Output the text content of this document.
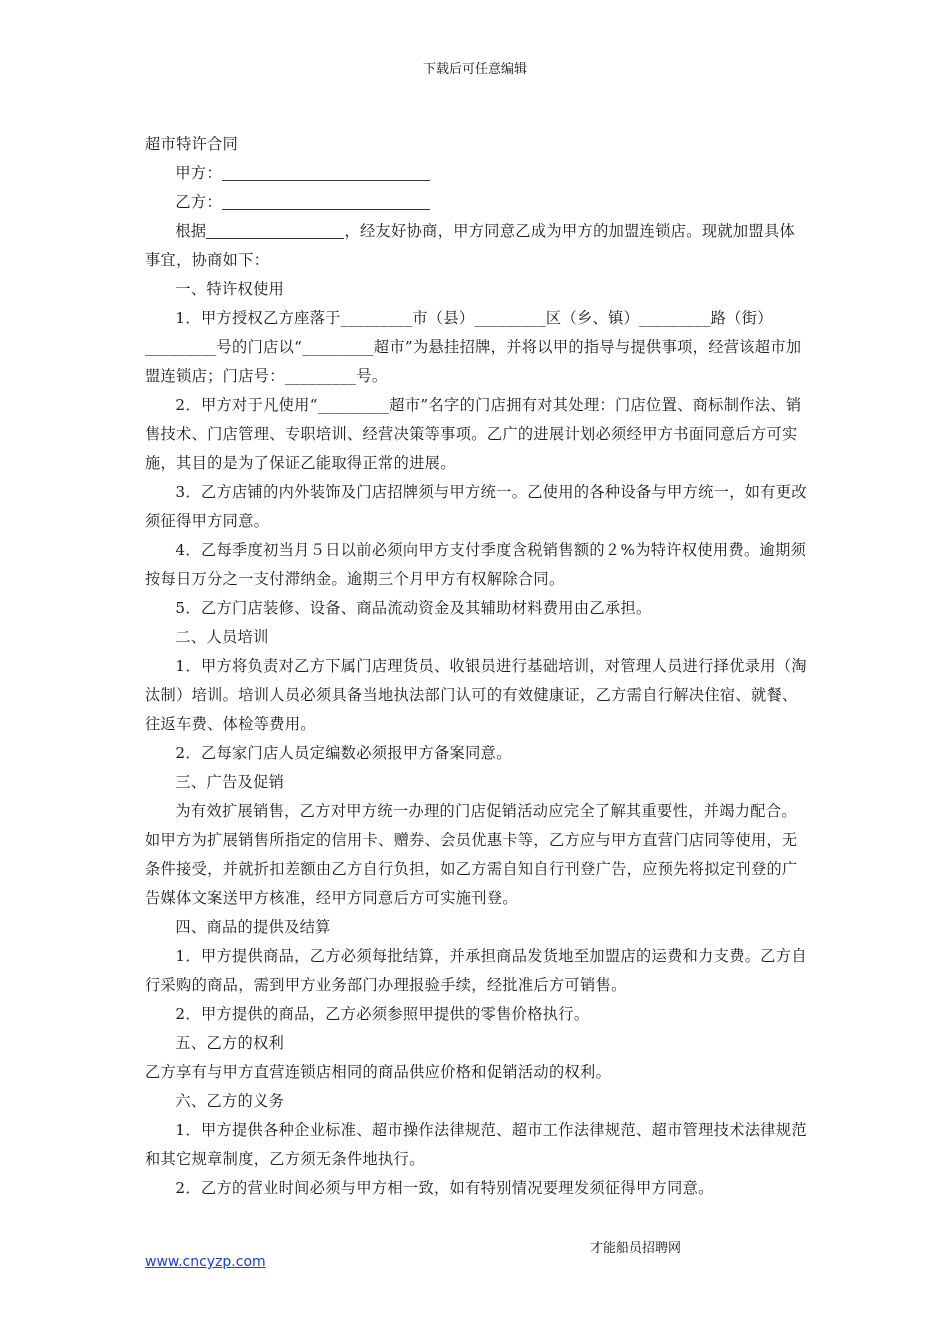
下载后可任意编辑

超市特许合同

甲方：

乙方：

根据	，经友好协商，甲方同意乙成为甲方的加盟连锁店。现就加盟具体事宜，协商如下：

一、特许权使用

1．甲方授权乙方座落于_________市（县）_________区（乡、镇）_________路（街）_________号的门店以“_________超市”为悬挂招牌，并将以甲的指导与提供事项，经营该超市加盟连锁店；门店号：_________号。

2．甲方对于凡使用“_________超市”名字的门店拥有对其处理：门店位置、商标制作法、销售技术、门店管理、专职培训、经营决策等事项。乙广的进展计划必须经甲方书面同意后方可实施，其目的是为了保证乙能取得正常的进展。

3．乙方店铺的内外装饰及门店招牌须与甲方统一。乙使用的各种设备与甲方统一，如有更改须征得甲方同意。

4．乙每季度初当月５日以前必须向甲方支付季度含税销售额的２%为特许权使用费。逾期须按每日万分之一支付滞纳金。逾期三个月甲方有权解除合同。

5．乙方门店装修、设备、商品流动资金及其辅助材料费用由乙承担。

二、人员培训

1．甲方将负责对乙方下属门店理货员、收银员进行基础培训，对管理人员进行择优录用（淘汰制）培训。培训人员必须具备当地执法部门认可的有效健康证，乙方需自行解决住宿、就餐、往返车费、体检等费用。

2．乙每家门店人员定编数必须报甲方备案同意。

三、广告及促销

为有效扩展销售，乙方对甲方统一办理的门店促销活动应完全了解其重要性，并竭力配合。如甲方为扩展销售所指定的信用卡、赠券、会员优惠卡等，乙方应与甲方直营门店同等使用，无条件接受，并就折扣差额由乙方自行负担，如乙方需自知自行刊登广告，应预先将拟定刊登的广告媒体文案送甲方核准，经甲方同意后方可实施刊登。

四、商品的提供及结算

1．甲方提供商品，乙方必须每批结算，并承担商品发货地至加盟店的运费和力支费。乙方自行采购的商品，需到甲方业务部门办理报验手续，经批准后方可销售。

2．甲方提供的商品，乙方必须参照甲提供的零售价格执行。

五、乙方的权利

乙方享有与甲方直营连锁店相同的商品供应价格和促销活动的权利。

六、乙方的义务

1．甲方提供各种企业标准、超市操作法律规范、超市工作法律规范、超市管理技术法律规范和其它规章制度，乙方须无条件地执行。

2．乙方的营业时间必须与甲方相一致，如有特别情况要理发须征得甲方同意。

www.cncyzp.com
才能船员招聘网
